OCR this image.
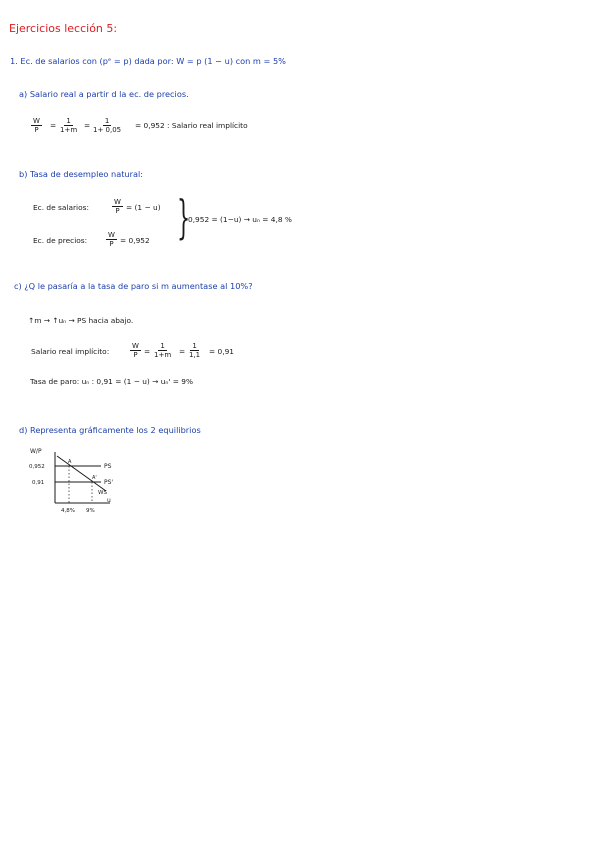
Ejercicios lección 5:
1. Ec. de salarios con (pᵉ = p) dada por: W = p (1 − u) con m = 5%
a) Salario real a partir d la ec. de precios.
$\frac{W}{P} = \frac{1}{1+m} = \frac{1}{1+ 0,05} = 0,952$ : Salario real implícito
b) Tasa de desempleo natural:
Ec. de salarios:	$\frac{W}{P} = (1 - u)$
Ec. de precios:	$\frac{W}{P} = 0,952$ }
0,952 = (1−u) → uₙ = 4,8 %
c) ¿Q le pasaría a la tasa de paro si m aumentase al 10%?
↑m → ↑uₙ → PS hacia abajo.
Salario real implícito:	$\frac{W}{P} = \frac{1}{1+m} = \frac{1}{1,1} = 0,91$
Tasa de paro: uₙ : 0,91 = (1 − u) → uₙ' = 9%
d) Representa gráficamente los 2 equilibrios
W/P
0,952
0,91
PS
PS'
WS
A
A'
u
4,8% 9%
